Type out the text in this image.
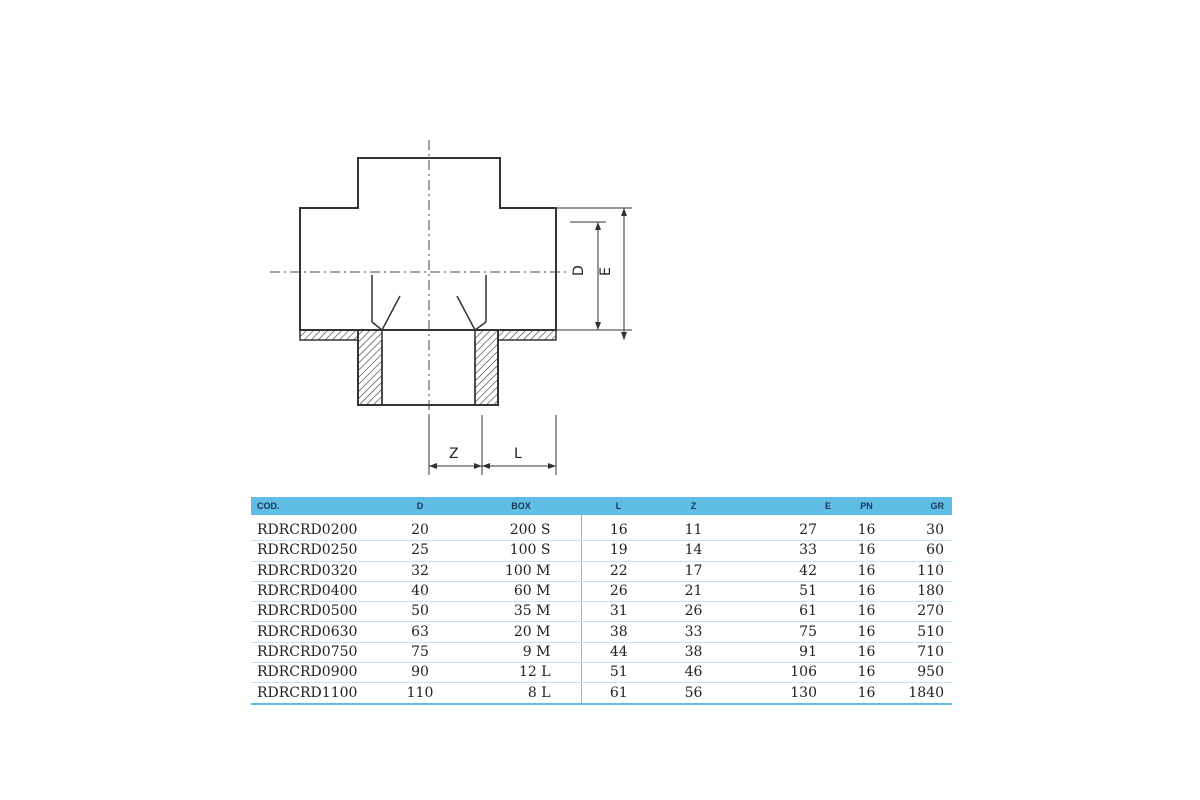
D E
Z	L
COD.	D	BOX	L	Z	E	PN	GR
RDRCRD0200	20	200 S	16	11	27	16	30
RDRCRD0250	25	100 S	19	14	33	16	60
RDRCRD0320	32	100 M	22	17	42	16	110
RDRCRD0400	40	60 M	26	21	51	16	180
RDRCRD0500	50	35 M	31	26	61	16	270
RDRCRD0630	63	20 M	38	33	75	16	510
RDRCRD0750	75	9 M	44	38	91	16	710
RDRCRD0900	90	12 L	51	46	106	16	950
RDRCRD1100	110	8 L	61	56	130	16	1840
